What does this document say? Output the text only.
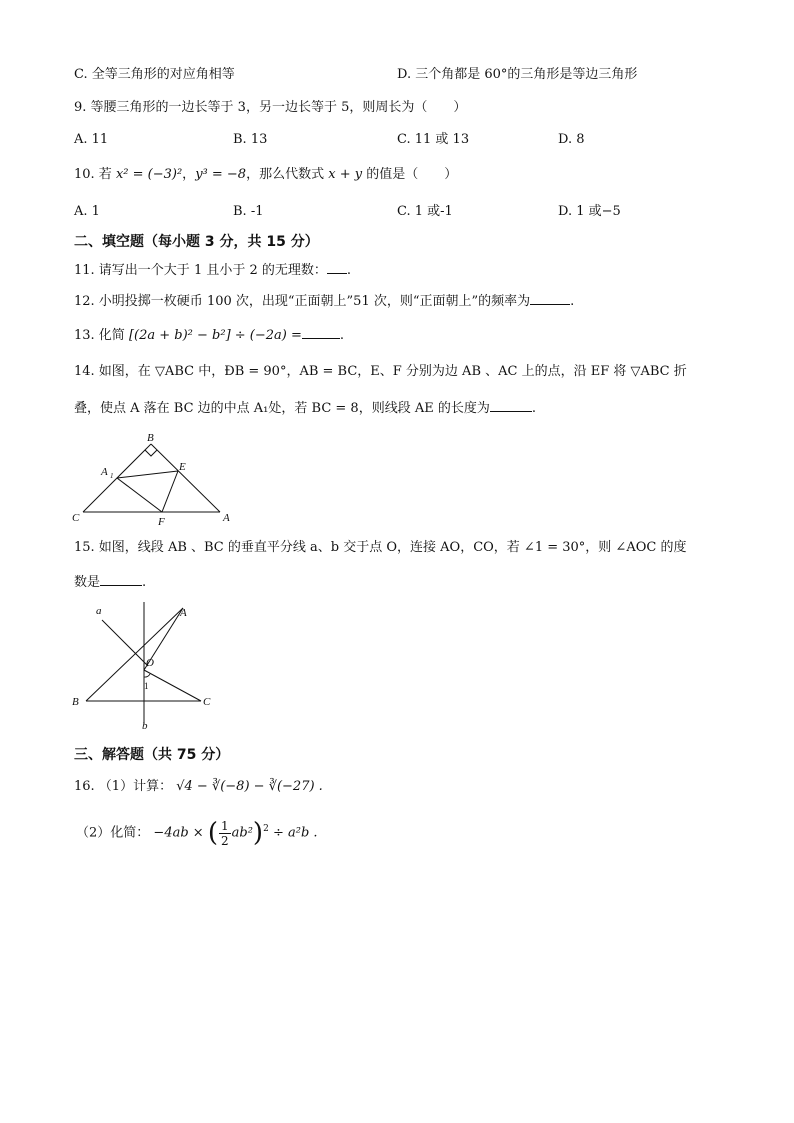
C. 全等三角形的对应角相等	D. 三个角都是 60°的三角形是等边三角形
9. 等腰三角形的一边长等于 3，另一边长等于 5，则周长为（　　）
A. 11	B. 13	C. 11 或 13	D. 8
10. 若 x² = (−3)²，y³ = −8，那么代数式 x + y 的值是（　　）
A. 1	B. -1	C. 1 或-1	D. 1 或−5
二、填空题（每小题 3 分，共 15 分）
11. 请写出一个大于 1 且小于 2 的无理数： .
12. 小明投掷一枚硬币 100 次，出现“正面朝上”51 次，则“正面朝上”的频率为	.
13. 化简 [(2a + b)² − b²] ÷ (−2a) =	.
14. 如图，在 ▽ABC 中，ÐB = 90°，AB = BC，E、F 分别为边 AB 、AC 上的点，沿 EF 将 ▽ABC 折
叠，使点 A 落在 BC 边的中点 A₁处，若 BC = 8，则线段 AE 的长度为	.
B
A 1
E
C	F	A
15. 如图，线段 AB 、BC 的垂直平分线 a、b 交于点 O，连接 AO，CO，若 ∠1 = 30°，则 ∠AOC 的度
数是	.
a	A
O
1
B	C
b
三、解答题（共 75 分）
16. （1）计算： √4 − ∛(−8) − ∛(−27) .
（2）化简： −4ab × ( $\frac{1}{2} ab^2)^2 \div a^2b$ .
